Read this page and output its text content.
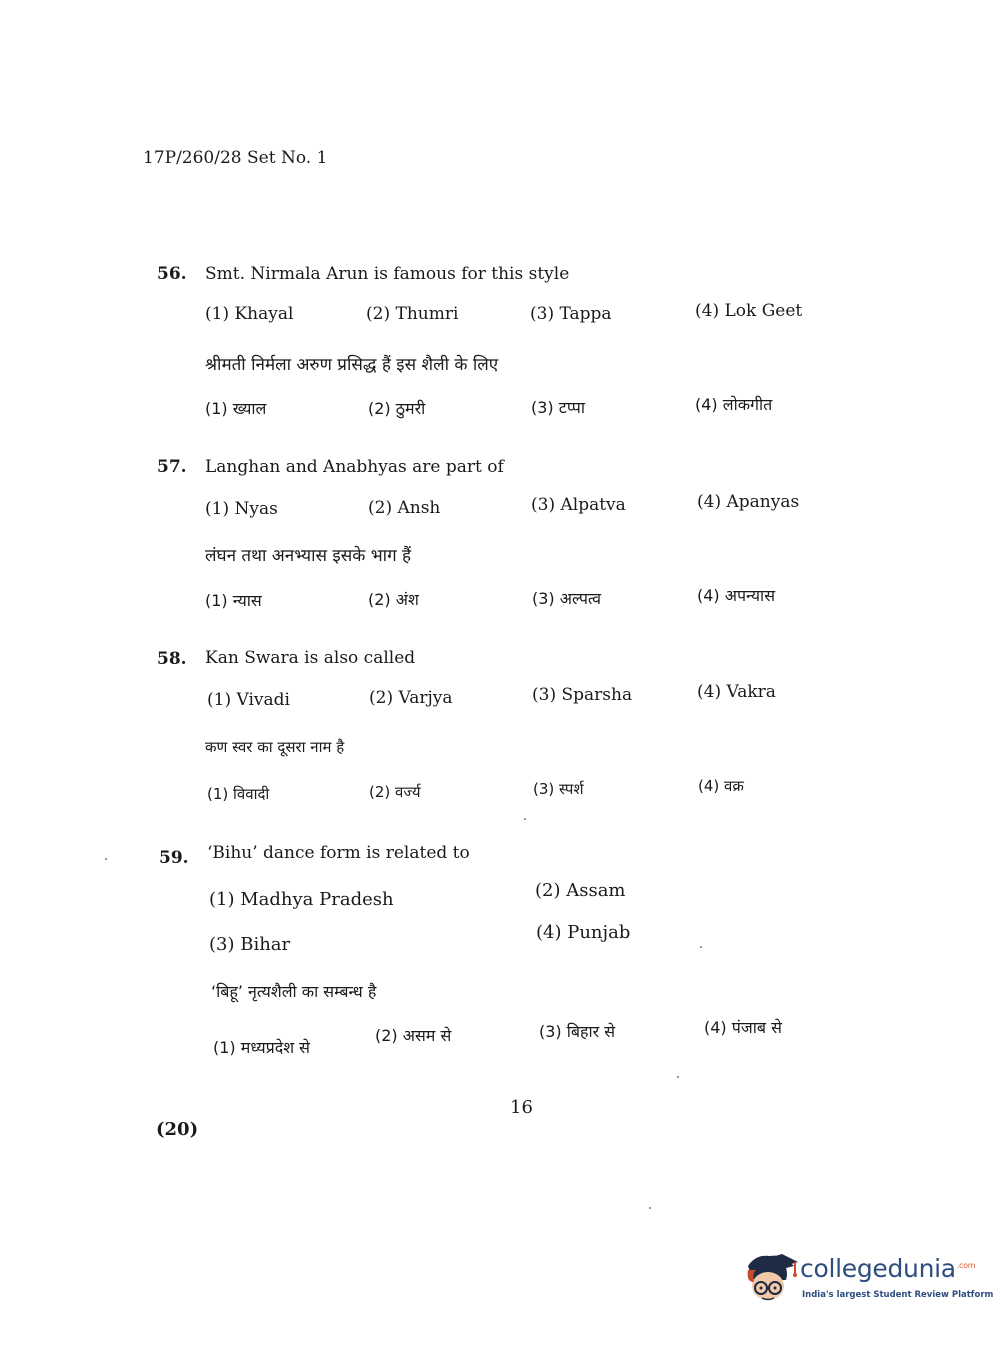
17P/260/28 Set No. 1
56. Smt. Nirmala Arun is famous for this style
(1) Khayal	(2) Thumri	(3) Tappa	(4) Lok Geet
श्रीमती निर्मला अरुण प्रसिद्ध हैं इस शैली के लिए
(1) ख्याल	(2) ठुमरी	(3) टप्पा	(4) लोकगीत
57. Langhan and Anabhyas are part of
(1) Nyas	(2) Ansh	(3) Alpatva	(4) Apanyas
लंघन तथा अनभ्यास इसके भाग हैं
(1) न्यास	(2) अंश	(3) अल्पत्व	(4) अपन्यास
58. Kan Swara is also called
(1) Vivadi	(2) Varjya	(3) Sparsha	(4) Vakra
कण स्वर का दूसरा नाम है
(1) विवादी	(2) वर्ज्य	(3) स्पर्श	(4) वक्र
59. ‘Bihu’ dance form is related to
(1) Madhya Pradesh	(2) Assam
(3) Bihar
(4) Punjab
‘बिहू’ नृत्यशैली का सम्बन्ध है
(1) मध्यप्रदेश से
(2) असम से	(3) बिहार से	(4) पंजाब से
16
(20)
collegedunia$^{.com}$
India's largest Student Review Platform
